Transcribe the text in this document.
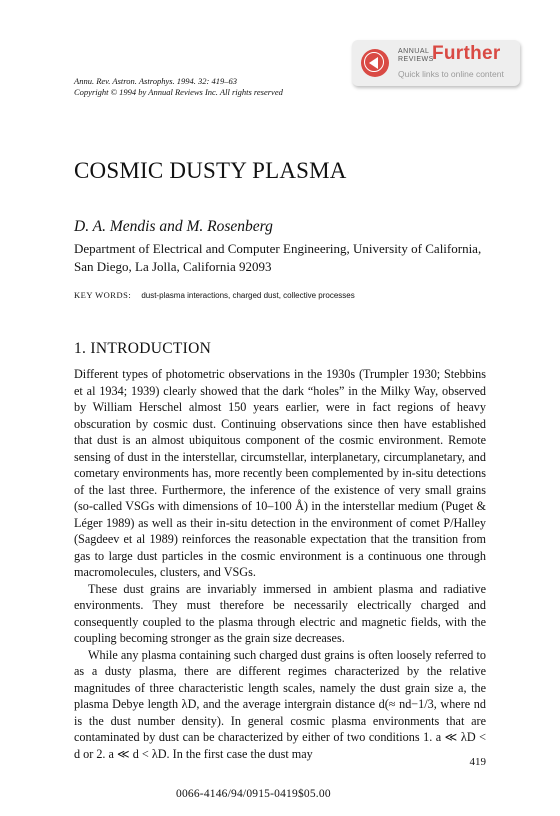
ANNUAL
REVIEWS
Further
Quick links to online content
Annu. Rev. Astron. Astrophys. 1994. 32: 419–63
Copyright © 1994 by Annual Reviews Inc. All rights reserved
COSMIC DUSTY PLASMA
D. A. Mendis and M. Rosenberg
Department of Electrical and Computer Engineering, University of California, San Diego, La Jolla, California 92093
KEY WORDS: dust-plasma interactions, charged dust, collective processes
1. INTRODUCTION

Different types of photometric observations in the 1930s (Trumpler 1930; Stebbins et al 1934; 1939) clearly showed that the dark “holes” in the Milky Way, observed by William Herschel almost 150 years earlier, were in fact regions of heavy obscuration by cosmic dust. Continuing observations since then have established that dust is an almost ubiquitous component of the cosmic environment. Remote sensing of dust in the interstellar, circumstellar, interplanetary, circumplanetary, and cometary environments has, more recently been complemented by in-situ detections of the last three. Furthermore, the inference of the existence of very small grains (so-called VSGs with dimensions of 10–100 Å) in the interstellar medium (Puget & Léger 1989) as well as their in-situ detection in the environment of comet P/Halley (Sagdeev et al 1989) reinforces the reasonable expectation that the transition from gas to large dust particles in the cosmic environment is a continuous one through macromolecules, clusters, and VSGs.

These dust grains are invariably immersed in ambient plasma and radiative environments. They must therefore be necessarily electrically charged and consequently coupled to the plasma through electric and magnetic fields, with the coupling becoming stronger as the grain size decreases.

While any plasma containing such charged dust grains is often loosely referred to as a dusty plasma, there are different regimes characterized by the relative magnitudes of three characteristic length scales, namely the dust grain size a, the plasma Debye length λD, and the average intergrain distance d(≈ nd−1/3, where nd is the dust number density). In general cosmic plasma environments that are contaminated by dust can be characterized by either of two conditions 1. a ≪ λD < d or 2. a ≪ d < λD. In the first case the dust may

419
0066-4146/94/0915-0419$05.00
